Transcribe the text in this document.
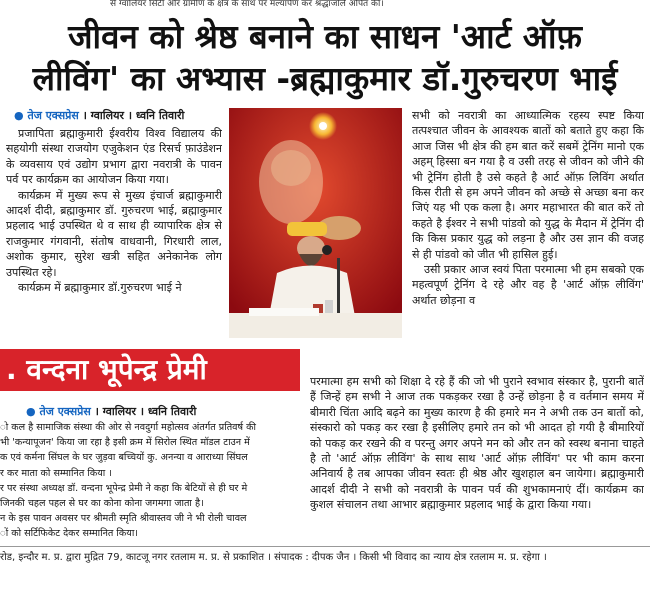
से ग्वालियर सिटी और ग्रामीण के क्षेत्र के साथ पर मल्यार्पण कर श्रद्धांजलि अर्पित की।
जीवन को श्रेष्ठ बनाने का साधन 'आर्ट ऑफ़
लीविंग' का अभ्यास -ब्रह्माकुमार डॉ.गुरुचरण भाई
● तेज एक्सप्रेस । ग्वालियर । ध्वनि तिवारी

प्रजापिता ब्रह्माकुमारी ईश्वरीय विश्व विद्यालय की सहयोगी संस्था राजयोग एजुकेशन एंड रिसर्च फ़ाउंडेशन के व्यवसाय एवं उद्योग प्रभाग द्वारा नवरात्री के पावन पर्व पर कार्यक्रम का आयोजन किया गया।

कार्यक्रम में मुख्य रूप से मुख्य इंचार्ज ब्रह्माकुमारी आदर्श दीदी, ब्रह्माकुमार डॉ. गुरुचरण भाई, ब्रह्माकुमार प्रहलाद भाई उपस्थित थे व साथ ही व्यापारिक क्षेत्र से राजकुमार गंगवानी, संतोष वाधवानी, गिरधारी लाल, अशोक कुमार, सुरेश खत्री सहित अनेकानेक लोग उपस्थित रहे।

कार्यक्रम में ब्रह्माकुमार डॉ.गुरुचरण भाई ने

सभी को नवरात्री का आध्यात्मिक रहस्य स्पष्ट किया तत्पश्चात जीवन के आवश्यक बातों को बताते हुए कहा कि आज जिस भी क्षेत्र की हम बात करें सबमें ट्रेनिंग मानो एक अहम् हिस्सा बन गया है व उसी तरह से जीवन को जीने की भी ट्रेनिंग होती है उसे कहते है आर्ट ऑफ़ लिविंग अर्थात किस रीती से हम अपने जीवन को अच्छे से अच्छा बना कर जिएं यह भी एक कला है। अगर महाभारत की बात करें तो कहते है ईश्वर ने सभी पांडवो को युद्ध के मैदान में ट्रेनिंग दी कि किस प्रकार युद्ध को लड़ना है और उस ज्ञान की वजह से ही पांडवो को जीत भी हासिल हुई।

उसी प्रकार आज स्वयं पिता परमात्मा भी हम सबको एक महत्वपूर्ण ट्रेनिंग दे रहे और वह है 'आर्ट ऑफ़ लीविंग' अर्थात छोड़ना व

परमात्मा हम सभी को शिक्षा दे रहे हैं की जो भी पुराने स्वभाव संस्कार है, पुरानी बातें हैं जिन्हें हम सभी ने आज तक पकड़कर रखा है उन्हें छोड़ना है व वर्तमान समय में बीमारी चिंता आदि बढ़ने का मुख्य कारण है की हमारे मन ने अभी तक उन बातों को, संस्कारो को पकड़ कर रखा है इसीलिए हमारे तन को भी आदत हो गयी है बीमारियों को पकड़ कर रखने की व परन्तु अगर अपने मन को और तन को स्वस्थ बनाना चाहते है तो 'आर्ट ऑफ़ लीविंग' के साथ साथ 'आर्ट ऑफ़ लीविंग' पर भी काम करना अनिवार्य है तब आपका जीवन स्वतः ही श्रेष्ठ और खुशहाल बन जायेगा। ब्रह्माकुमारी आदर्श दीदी ने सभी को नवरात्री के पावन पर्व की शुभकामनाएं दीं। कार्यक्रम का कुशल संचालन तथा आभार ब्रह्माकुमार प्रहलाद भाई के द्वारा किया गया।

. वन्दना भूपेन्द्र प्रेमी
● तेज एक्सप्रेस । ग्वालियर । ध्वनि तिवारी
ो कल है सामाजिक संस्था की ओर से नवदुर्गा महोत्सव अंतर्गत प्रतिवर्ष की
भी 'कन्यापूजन' किया जा रहा है इसी क्रम में सिरोल स्थित मॉडल टाउन में
क एवं कर्मना सिंघल के घर जुड़वा बच्चियों कु. अनन्या व आराध्या सिंघल
र कर माता को सम्मानित किया ।
र पर संस्था अध्यक्ष डॉ. वन्दना भूपेन्द्र प्रेमी ने कहा कि बेटियों से ही घर मे
जिनकी चहल पहल से घर का कोना कोना जगमगा जाता है।
न के इस पावन अवसर पर श्रीमती स्मृति श्रीवास्तव जी ने भी रोली चावल
ों को सर्टिफिकेट देकर सम्मानित किया।
रोड, इन्दौर म. प्र. द्वारा मुद्रित 79, काटजू नगर रतलाम म. प्र. से प्रकाशित । संपादक : दीपक जैन । किसी भी विवाद का न्याय क्षेत्र रतलाम म. प्र. रहेगा ।
